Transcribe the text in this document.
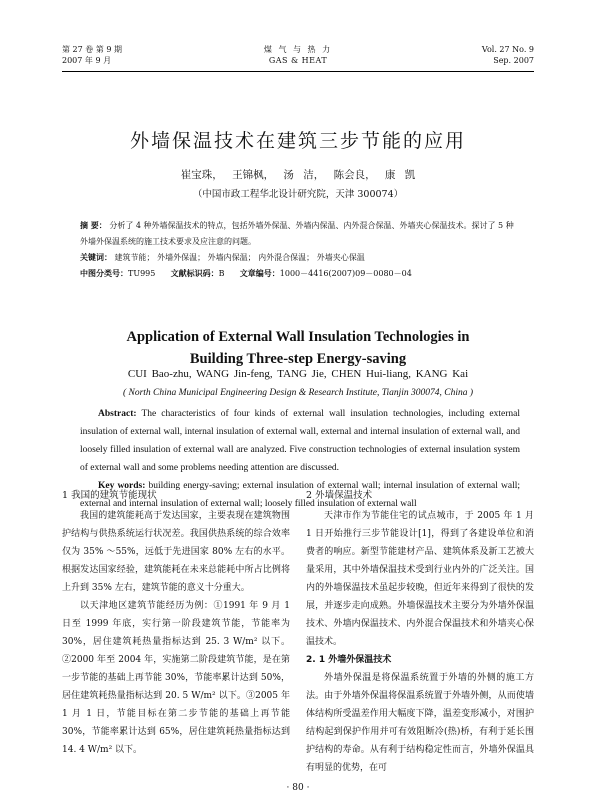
第 27 卷 第 9 期
2007 年 9 月
煤 气 与 热 力
GAS & HEAT
Vol. 27 No. 9
Sep. 2007
外墙保温技术在建筑三步节能的应用
崔宝珠， 王锦枫， 汤 洁， 陈会良， 康 凯
（中国市政工程华北设计研究院，天津 300074）
摘 要： 分析了 4 种外墙保温技术的特点，包括外墙外保温、外墙内保温、内外混合保温、外墙夹心保温技术。探讨了 5 种外墙外保温系统的施工技术要求及应注意的问题。
关键词： 建筑节能； 外墙外保温； 外墙内保温； 内外混合保温； 外墙夹心保温
中图分类号：TU995 文献标识码：B 文章编号：1000－4416(2007)09－0080－04
Application of External Wall Insulation Technologies in
Building Three-step Energy-saving
CUI Bao-zhu, WANG Jin-feng, TANG Jie, CHEN Hui-liang, KANG Kai
( North China Municipal Engineering Design & Research Institute, Tianjin 300074, China )
Abstract: The characteristics of four kinds of external wall insulation technologies, including external insulation of external wall, internal insulation of external wall, external and internal insulation of external wall, and loosely filled insulation of external wall are analyzed. Five construction technologies of external insulation system of external wall and some problems needing attention are discussed.
Key words: building energy-saving; external insulation of external wall; internal insulation of external wall; external and internal insulation of external wall; loosely filled insulation of external wall
1 我国的建筑节能现状

我国的建筑能耗高于发达国家，主要表现在建筑物围护结构与供热系统运行状况差。我国供热系统的综合效率仅为 35% ～55%，远低于先进国家 80% 左右的水平。根据发达国家经验，建筑能耗在未来总能耗中所占比例将上升到 35% 左右，建筑节能的意义十分重大。

以天津地区建筑节能经历为例：①1991 年 9 月 1 日至 1999 年底，实行第一阶段建筑节能，节能率为 30%，居住建筑耗热量指标达到 25. 3 W/m² 以下。②2000 年至 2004 年，实施第二阶段建筑节能，是在第一步节能的基础上再节能 30%，节能率累计达到 50%，居住建筑耗热量指标达到 20. 5 W/m² 以下。③2005 年 1 月 1 日，节能目标在第二步节能的基础上再节能 30%，节能率累计达到 65%，居住建筑耗热量指标达到 14. 4 W/m² 以下。

2 外墙保温技术

天津市作为节能住宅的试点城市，于 2005 年 1 月 1 日开始推行三步节能设计[1]，得到了各建设单位和消费者的响应。新型节能建材产品、建筑体系及新工艺被大量采用，其中外墙保温技术受到行业内外的广泛关注。国内的外墙保温技术虽起步较晚，但近年来得到了很快的发展，并逐步走向成熟。外墙保温技术主要分为外墙外保温技术、外墙内保温技术、内外混合保温技术和外墙夹心保温技术。

2. 1 外墙外保温技术

外墙外保温是将保温系统置于外墙的外侧的施工方法。由于外墙外保温将保温系统置于外墙外侧，从而使墙体结构所受温差作用大幅度下降，温差变形减小，对围护结构起到保护作用并可有效阻断冷(热)桥，有利于延长围护结构的寿命。从有利于结构稳定性而言，外墙外保温具有明显的优势，在可

· 80 ·
